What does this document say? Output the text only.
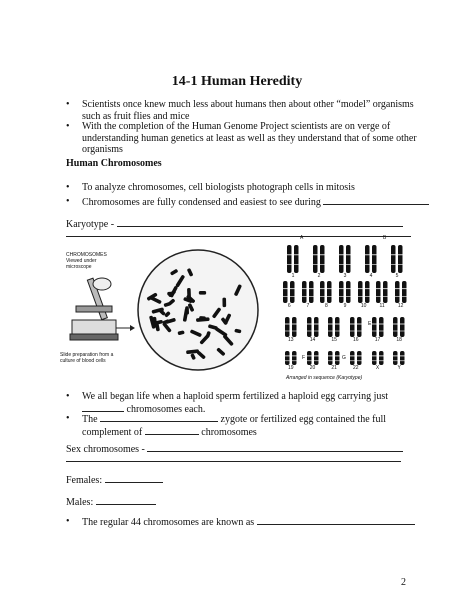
14-1 Human Heredity
• Scientists once knew much less about humans then about other “model” organisms such as fruit flies and mice
• With the completion of the Human Genome Project scientists are on verge of understanding human genetics at least as well as they understand that of some other organisms
Human Chromosomes
• To analyze chromosomes, cell biologists photograph cells in mitosis
• Chromosomes are fully condensed and easiest to see during
Karyotype -
CHROMOSOMES Viewed under microscope
Slide preparation from a culture of blood cells
A	B
E
F	G
1	2	3	4	5
6	7	8	9	10	11	12
13	14	15	16	17	18
19	20	21	22	X	Y
Arranged in sequence (Karyotype)
• We all began life when a haploid sperm fertilized a haploid egg carrying just
chromosomes each.
• The	zygote or fertilized egg contained the full
complement of	chromosomes
Sex chromosomes -
Females:
Males:
• The regular 44 chromosomes are known as
2
